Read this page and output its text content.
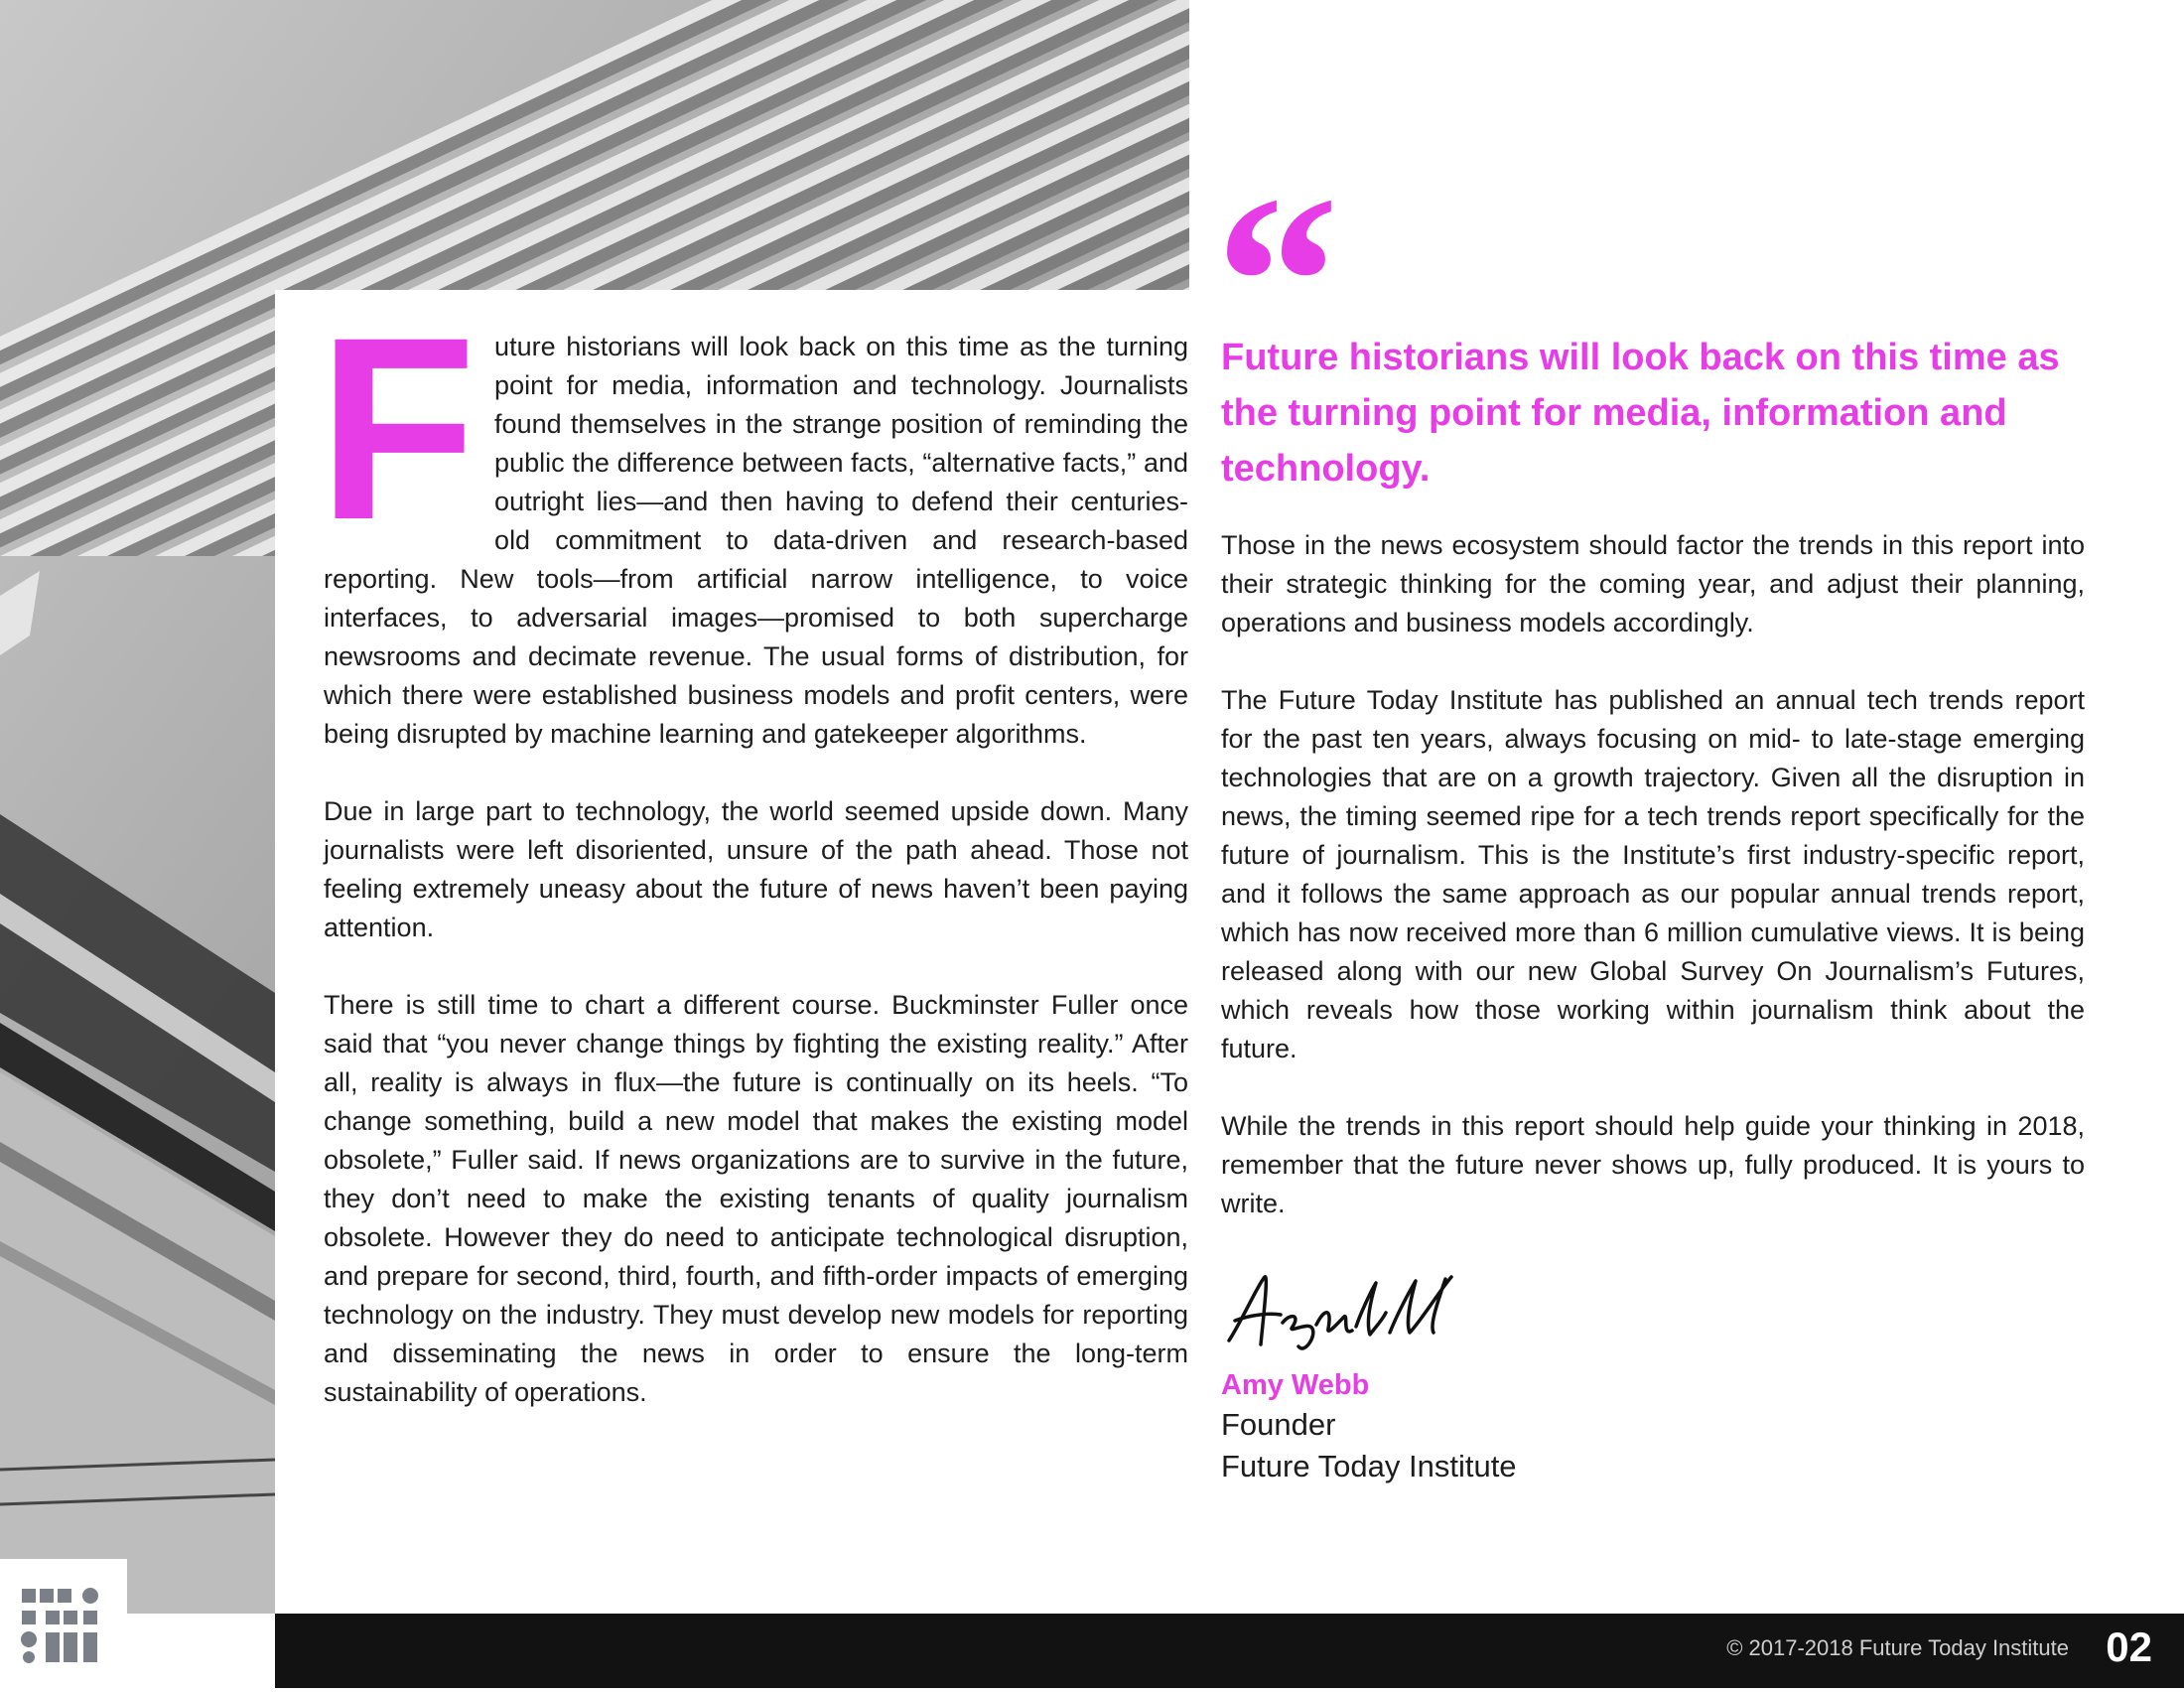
Future historians will look back on this time as the turning point for media, information and technology. Journalists found themselves in the strange position of reminding the public the difference between facts, “alternative facts,” and outright lies—and then having to defend their centuries-old commitment to data-driven and research-based reporting. New tools—from artificial narrow intelligence, to voice interfaces, to adversarial images—promised to both supercharge newsrooms and decimate revenue. The usual forms of distribution, for which there were established business models and profit centers, were being disrupted by machine learning and gatekeeper algorithms.

Due in large part to technology, the world seemed upside down. Many journalists were left disoriented, unsure of the path ahead. Those not feeling extremely uneasy about the future of news haven’t been paying attention.

There is still time to chart a different course. Buckminster Fuller once said that “you never change things by fighting the existing reality.” After all, reality is always in flux—the future is continually on its heels. “To change something, build a new model that makes the existing model obsolete,” Fuller said. If news organizations are to survive in the future, they don’t need to make the existing tenants of quality journalism obsolete. However they do need to anticipate technological disruption, and prepare for second, third, fourth, and fifth-order impacts of emerging technology on the industry. They must develop new models for reporting and disseminating the news in order to ensure the long-term sustainability of operations.

“
Future historians will look back on this time as the turning point for media, information and technology.

Those in the news ecosystem should factor the trends in this report into their strategic thinking for the coming year, and adjust their planning, operations and business models accordingly.

The Future Today Institute has published an annual tech trends report for the past ten years, always focusing on mid- to late-stage emerging technologies that are on a growth trajectory. Given all the disruption in news, the timing seemed ripe for a tech trends report specifically for the future of journalism. This is the Institute’s first industry-specific report, and it follows the same approach as our popular annual trends report, which has now received more than 6 million cumulative views. It is being released along with our new Global Survey On Journalism’s Futures, which reveals how those working within journalism think about the future.

While the trends in this report should help guide your thinking in 2018, remember that the future never shows up, fully produced. It is yours to write.

Amy Webb
Founder
Future Today Institute
© 2017-2018 Future Today Institute 02
